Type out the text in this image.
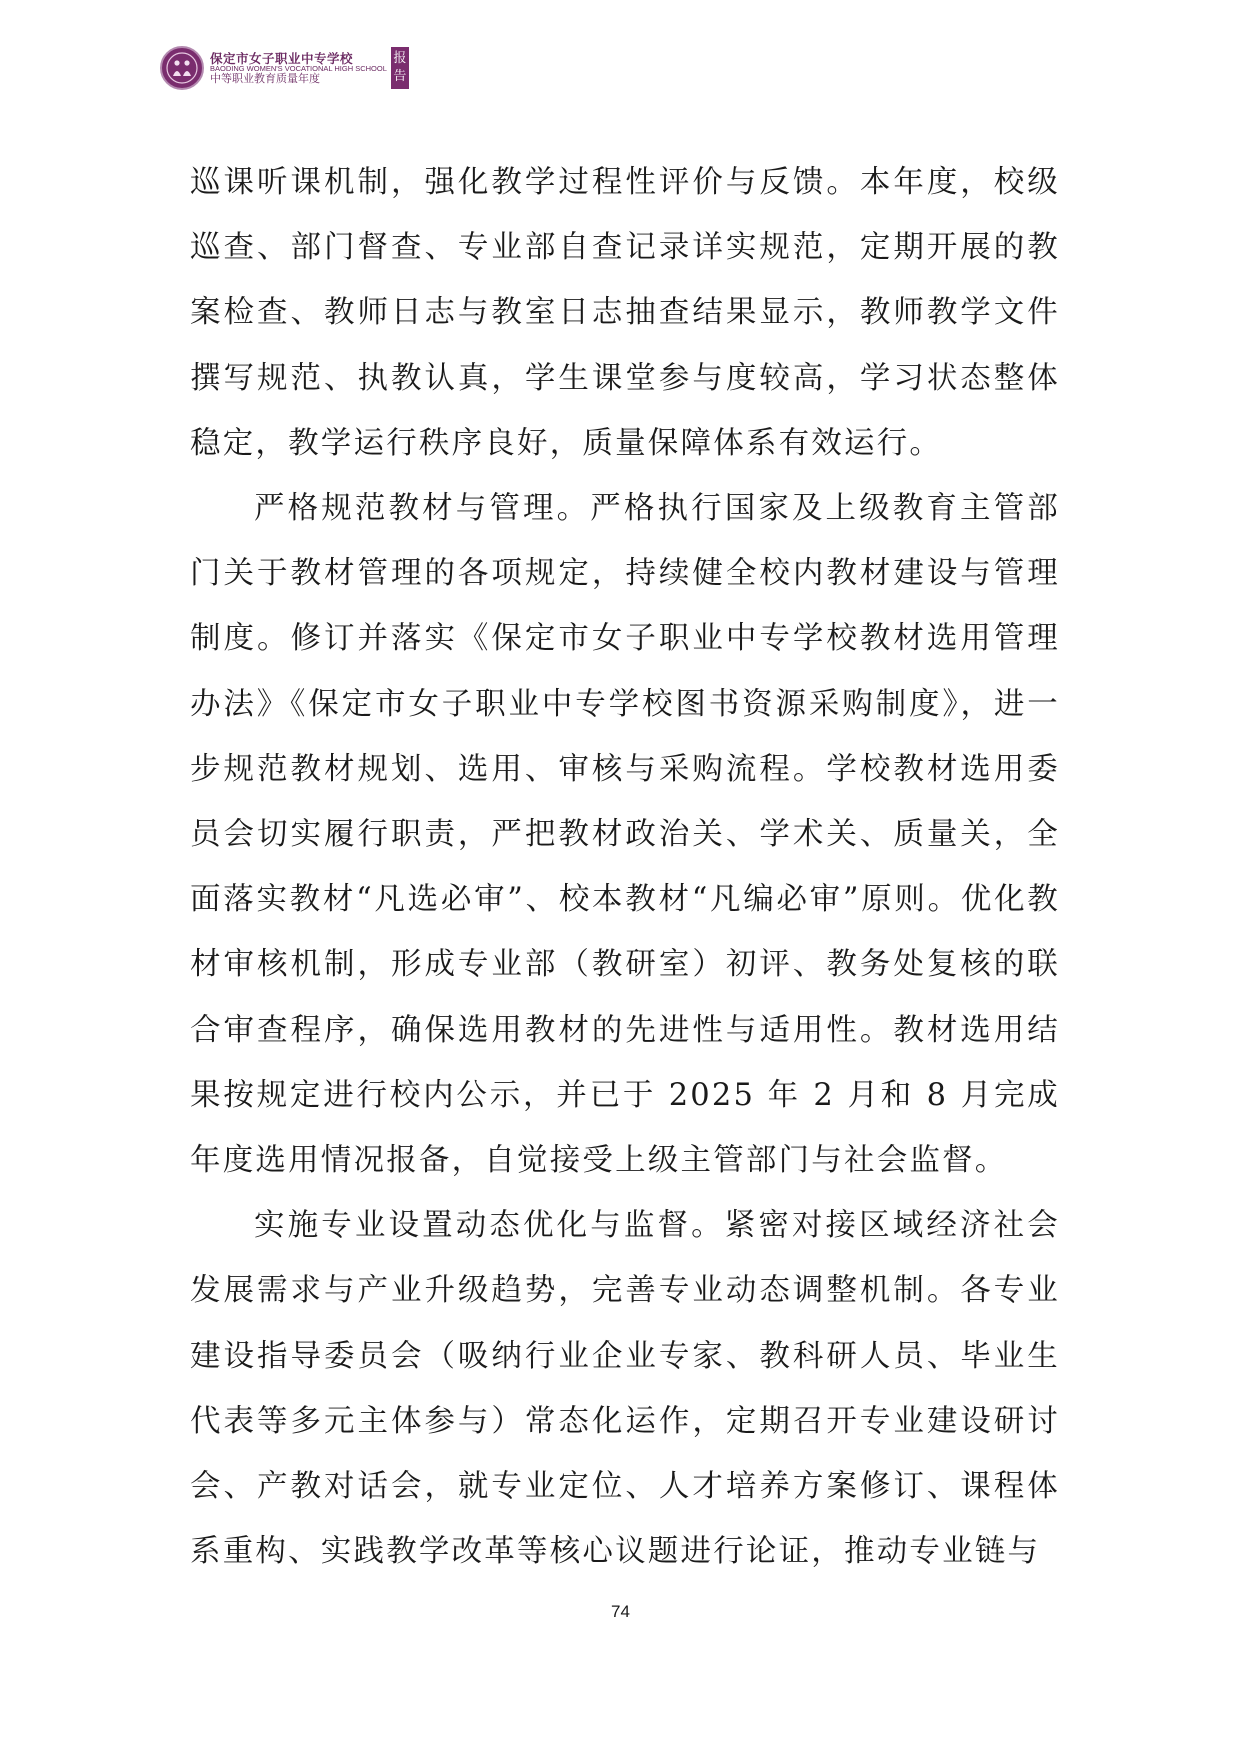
保定市女子职业中专学校
BAODING WOMEN'S VOCATIONAL HIGH SCHOOL
中等职业教育质量年度
报告

巡课听课机制，强化教学过程性评价与反馈。本年度，校级巡查、部门督查、专业部自查记录详实规范，定期开展的教案检查、教师日志与教室日志抽查结果显示，教师教学文件撰写规范、执教认真，学生课堂参与度较高，学习状态整体稳定，教学运行秩序良好，质量保障体系有效运行。

严格规范教材与管理。严格执行国家及上级教育主管部门关于教材管理的各项规定，持续健全校内教材建设与管理制度。修订并落实《保定市女子职业中专学校教材选用管理办法》《保定市女子职业中专学校图书资源采购制度》，进一步规范教材规划、选用、审核与采购流程。学校教材选用委员会切实履行职责，严把教材政治关、学术关、质量关，全面落实教材“凡选必审”、校本教材“凡编必审”原则。优化教材审核机制，形成专业部（教研室）初评、教务处复核的联合审查程序，确保选用教材的先进性与适用性。教材选用结果按规定进行校内公示，并已于 2025 年 2 月和 8 月完成年度选用情况报备，自觉接受上级主管部门与社会监督。

实施专业设置动态优化与监督。紧密对接区域经济社会发展需求与产业升级趋势，完善专业动态调整机制。各专业建设指导委员会（吸纳行业企业专家、教科研人员、毕业生代表等多元主体参与）常态化运作，定期召开专业建设研讨会、产教对话会，就专业定位、人才培养方案修订、课程体系重构、实践教学改革等核心议题进行论证，推动专业链与

74
